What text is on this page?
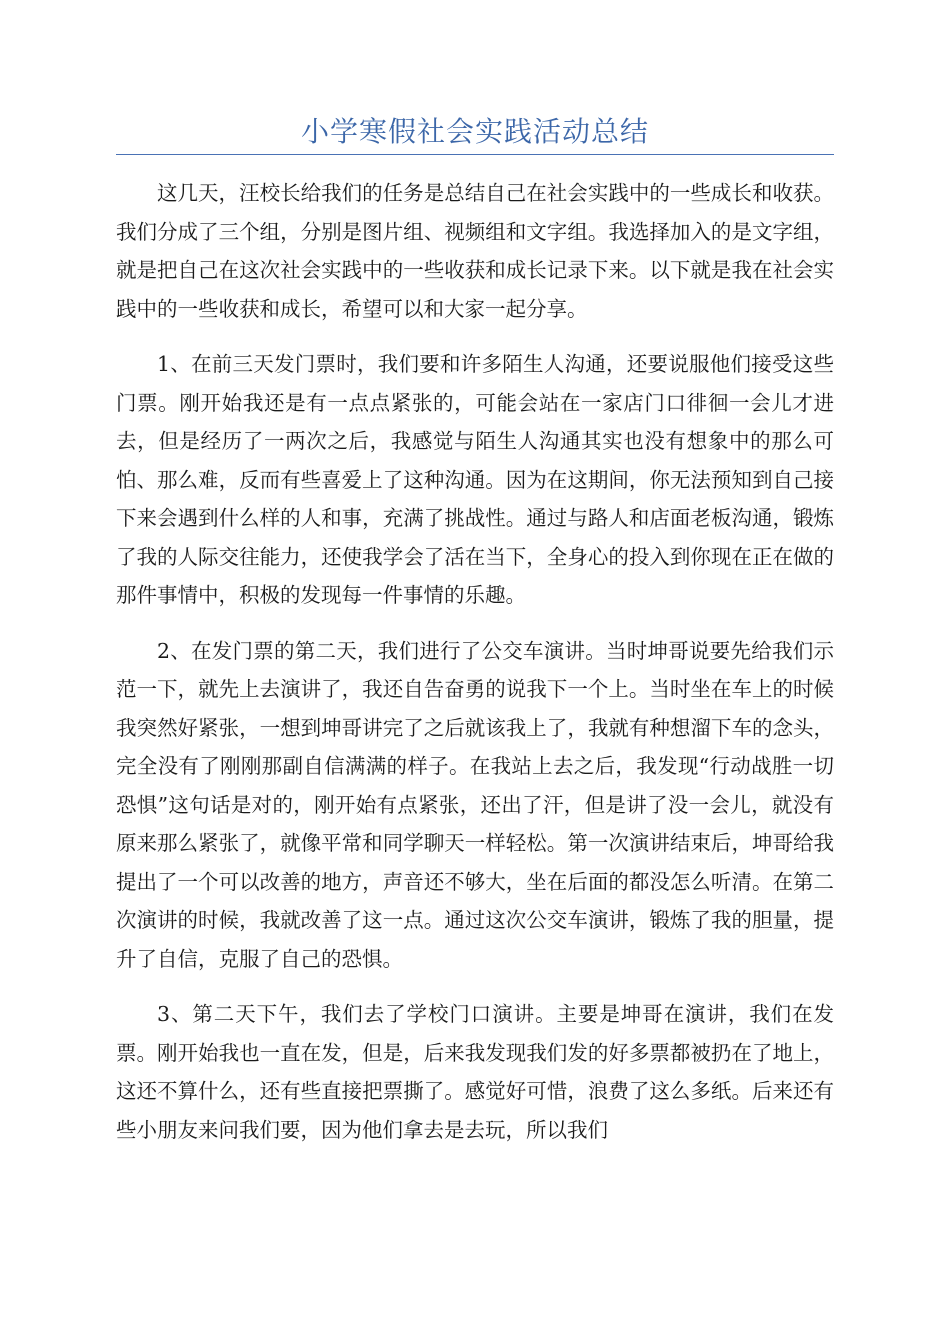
小学寒假社会实践活动总结

这几天，汪校长给我们的任务是总结自己在社会实践中的一些成长和收获。我们分成了三个组，分别是图片组、视频组和文字组。我选择加入的是文字组，就是把自己在这次社会实践中的一些收获和成长记录下来。以下就是我在社会实践中的一些收获和成长，希望可以和大家一起分享。

1、在前三天发门票时，我们要和许多陌生人沟通，还要说服他们接受这些门票。刚开始我还是有一点点紧张的，可能会站在一家店门口徘徊一会儿才进去，但是经历了一两次之后，我感觉与陌生人沟通其实也没有想象中的那么可怕、那么难，反而有些喜爱上了这种沟通。因为在这期间，你无法预知到自己接下来会遇到什么样的人和事，充满了挑战性。通过与路人和店面老板沟通，锻炼了我的人际交往能力，还使我学会了活在当下，全身心的投入到你现在正在做的那件事情中，积极的发现每一件事情的乐趣。

2、在发门票的第二天，我们进行了公交车演讲。当时坤哥说要先给我们示范一下，就先上去演讲了，我还自告奋勇的说我下一个上。当时坐在车上的时候我突然好紧张，一想到坤哥讲完了之后就该我上了，我就有种想溜下车的念头，完全没有了刚刚那副自信满满的样子。在我站上去之后，我发现“行动战胜一切恐惧”这句话是对的，刚开始有点紧张，还出了汗，但是讲了没一会儿，就没有原来那么紧张了，就像平常和同学聊天一样轻松。第一次演讲结束后，坤哥给我提出了一个可以改善的地方，声音还不够大，坐在后面的都没怎么听清。在第二次演讲的时候，我就改善了这一点。通过这次公交车演讲，锻炼了我的胆量，提升了自信，克服了自己的恐惧。

3、第二天下午，我们去了学校门口演讲。主要是坤哥在演讲，我们在发票。刚开始我也一直在发，但是，后来我发现我们发的好多票都被扔在了地上，这还不算什么，还有些直接把票撕了。感觉好可惜，浪费了这么多纸。后来还有些小朋友来问我们要，因为他们拿去是去玩，所以我们
